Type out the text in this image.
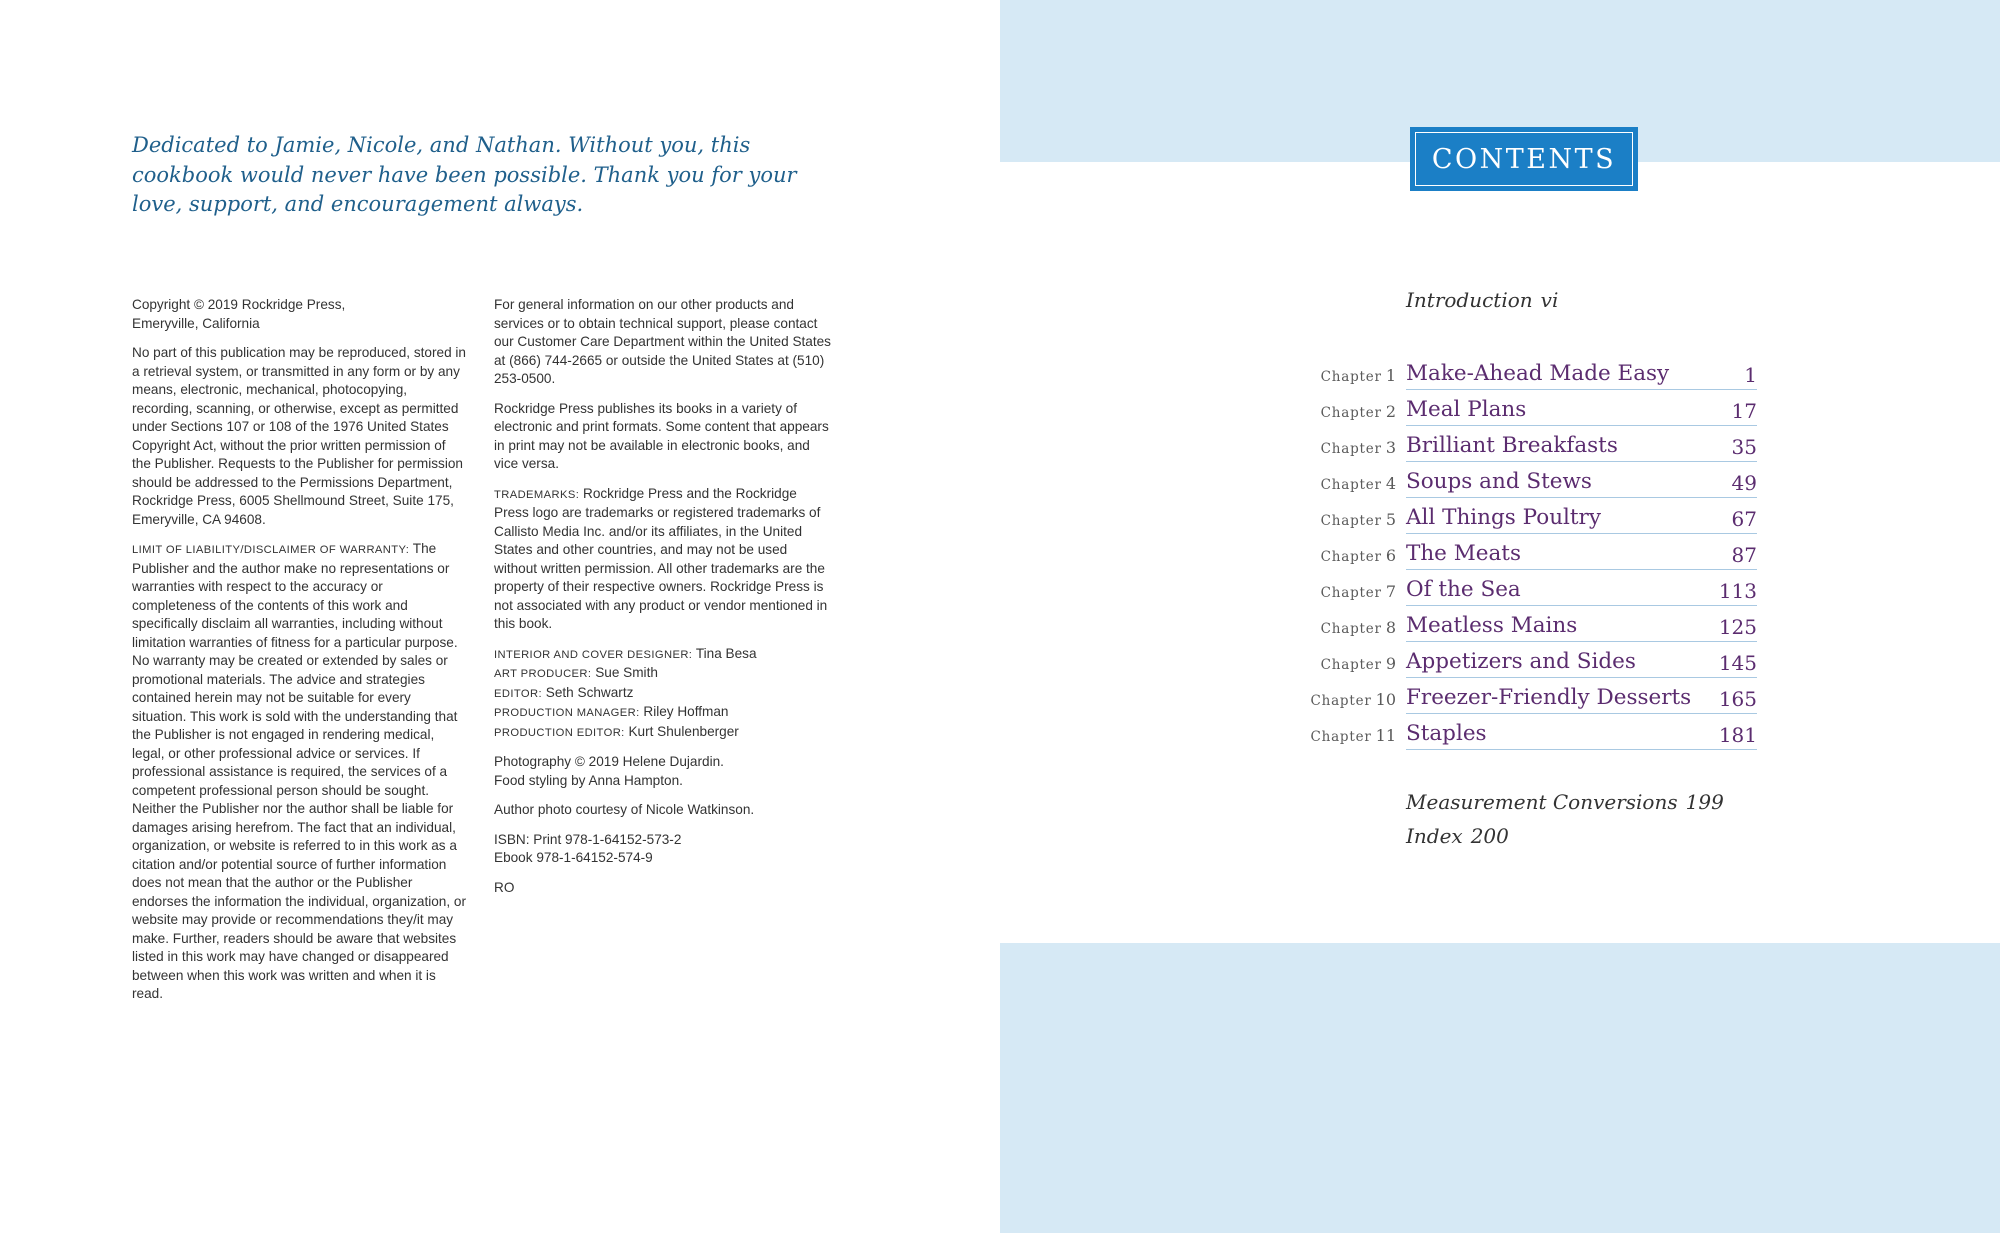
Dedicated to Jamie, Nicole, and Nathan. Without you, this cookbook would never have been possible. Thank you for your love, support, and encouragement always.

Copyright © 2019 Rockridge Press,
Emeryville, California

No part of this publication may be reproduced, stored in a retrieval system, or transmitted in any form or by any means, electronic, mechanical, photocopying, recording, scanning, or otherwise, except as permitted under Sections 107 or 108 of the 1976 United States Copyright Act, without the prior written permission of the Publisher. Requests to the Publisher for permission should be addressed to the Permissions Department, Rockridge Press, 6005 Shellmound Street, Suite 175, Emeryville, CA 94608.

LIMIT OF LIABILITY/DISCLAIMER OF WARRANTY: The Publisher and the author make no representations or warranties with respect to the accuracy or completeness of the contents of this work and specifically disclaim all warranties, including without limitation warranties of fitness for a particular purpose. No warranty may be created or extended by sales or promotional materials. The advice and strategies contained herein may not be suitable for every situation. This work is sold with the understanding that the Publisher is not engaged in rendering medical, legal, or other professional advice or services. If professional assistance is required, the services of a competent professional person should be sought. Neither the Publisher nor the author shall be liable for damages arising herefrom. The fact that an individual, organization, or website is referred to in this work as a citation and/or potential source of further information does not mean that the author or the Publisher endorses the information the individual, organization, or website may provide or recommendations they/it may make. Further, readers should be aware that websites listed in this work may have changed or disappeared between when this work was written and when it is read.

For general information on our other products and services or to obtain technical support, please contact our Customer Care Department within the United States at (866) 744-2665 or outside the United States at (510) 253-0500.

Rockridge Press publishes its books in a variety of electronic and print formats. Some content that appears in print may not be available in electronic books, and vice versa.

TRADEMARKS: Rockridge Press and the Rockridge Press logo are trademarks or registered trademarks of Callisto Media Inc. and/or its affiliates, in the United States and other countries, and may not be used without written permission. All other trademarks are the property of their respective owners. Rockridge Press is not associated with any product or vendor mentioned in this book.

INTERIOR AND COVER DESIGNER: Tina Besa
ART PRODUCER: Sue Smith
EDITOR: Seth Schwartz
PRODUCTION MANAGER: Riley Hoffman
PRODUCTION EDITOR: Kurt Shulenberger

Photography © 2019 Helene Dujardin.
Food styling by Anna Hampton.

Author photo courtesy of Nicole Watkinson.

ISBN: Print 978-1-64152-573-2
Ebook 978-1-64152-574-9

RO

CONTENTS
Introduction vi
Chapter 1 Make-Ahead Made Easy	1
Chapter 2 Meal Plans	17
Chapter 3 Brilliant Breakfasts	35
Chapter 4 Soups and Stews	49
Chapter 5 All Things Poultry	67
Chapter 6 The Meats	87
Chapter 7 Of the Sea	113
Chapter 8 Meatless Mains	125
Chapter 9 Appetizers and Sides	145
Chapter 10 Freezer-Friendly Desserts 165
Chapter 11 Staples	181
Measurement Conversions 199
Index 200
